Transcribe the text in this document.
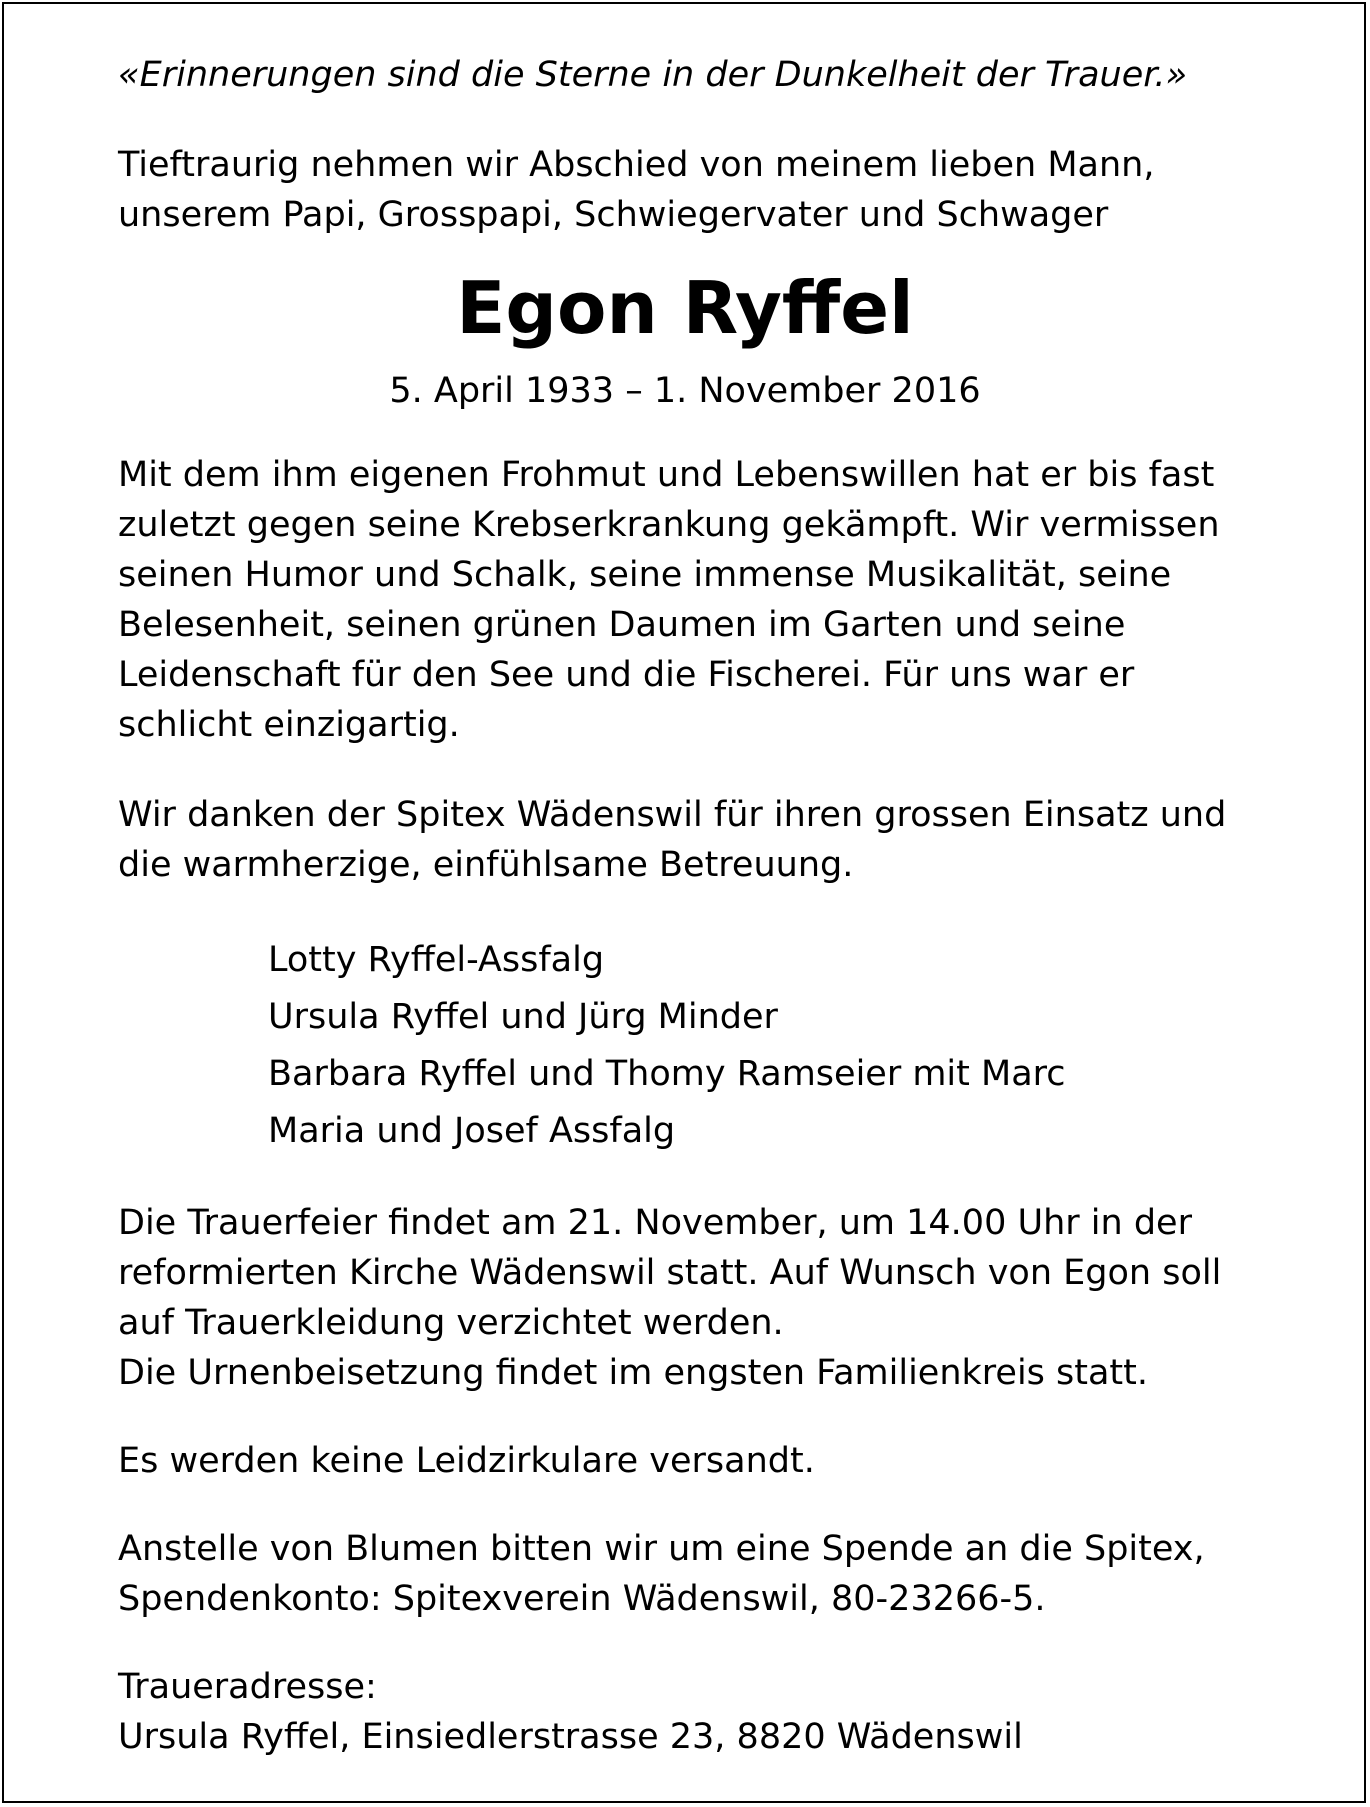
«Erinnerungen sind die Sterne in der Dunkelheit der Trauer.»

Tieftraurig nehmen wir Abschied von meinem lieben Mann,
unserem Papi, Grosspapi, Schwiegervater und Schwager

Egon Ryffel
5. April 1933 – 1. November 2016

Mit dem ihm eigenen Frohmut und Lebenswillen hat er bis fast
zuletzt gegen seine Krebserkrankung gekämpft. Wir vermissen
seinen Humor und Schalk, seine immense Musikalität, seine
Belesenheit, seinen grünen Daumen im Garten und seine
Leidenschaft für den See und die Fischerei. Für uns war er
schlicht einzigartig.

Wir danken der Spitex Wädenswil für ihren grossen Einsatz und
die warmherzige, einfühlsame Betreuung.

Lotty Ryffel-Assfalg
Ursula Ryffel und Jürg Minder
Barbara Ryffel und Thomy Ramseier mit Marc
Maria und Josef Assfalg

Die Trauerfeier findet am 21. November, um 14.00 Uhr in der
reformierten Kirche Wädenswil statt. Auf Wunsch von Egon soll
auf Trauerkleidung verzichtet werden.
Die Urnenbeisetzung findet im engsten Familienkreis statt.

Es werden keine Leidzirkulare versandt.

Anstelle von Blumen bitten wir um eine Spende an die Spitex,
Spendenkonto: Spitexverein Wädenswil, 80-23266-5.

Traueradresse:
Ursula Ryffel, Einsiedlerstrasse 23, 8820 Wädenswil
